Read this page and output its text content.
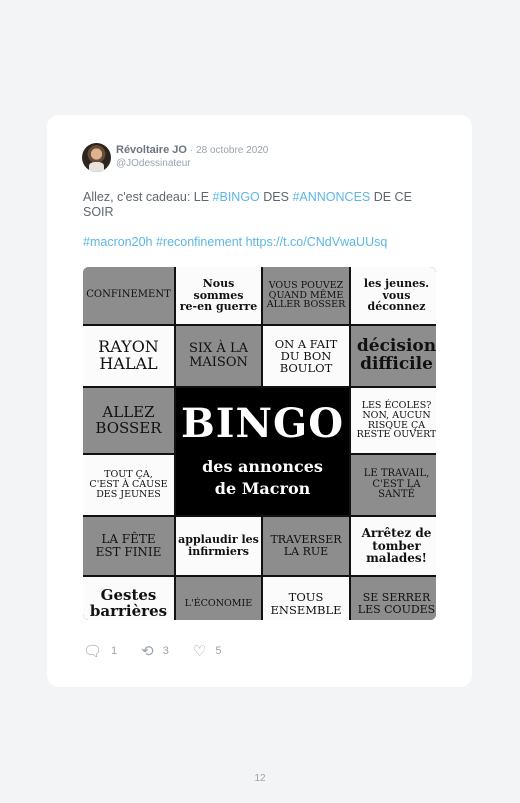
Révoltaire JO · 28 octobre 2020
@JOdessinateur
Allez, c'est cadeau: LE #BINGO DES #ANNONCES DE CE SOIR
#macron20h #reconfinement https://t.co/CNdVwaUUsq
CONFINEMENT
Nous sommes
re-en guerre
VOUS POUVEZ
QUAND MÊME
ALLER BOSSER
les jeunes.
vous déconnez
RAYON
HALAL
SIX À LA
MAISON
ON A FAIT
DU BON
BOULOT
décision
difficile
ALLEZ
BOSSER BINGO
des annonces
de Macron
LES ÉCOLES?
NON, AUCUN
RISQUE ÇA
RESTE OUVERT
TOUT ÇA,
C'EST À CAUSE
DES JEUNES
LE TRAVAIL,
C'EST LA
SANTÉ
LA FÊTE
EST FINIE
applaudir les
infirmiers
TRAVERSER
LA RUE
Arrêtez de
tomber
malades!
Gestes
barrières	L'ÉCONOMIE	TOUS
ENSEMBLE
SE SERRER
LES COUDES
🗨 1 ⟲ 3 ♡ 5
12
